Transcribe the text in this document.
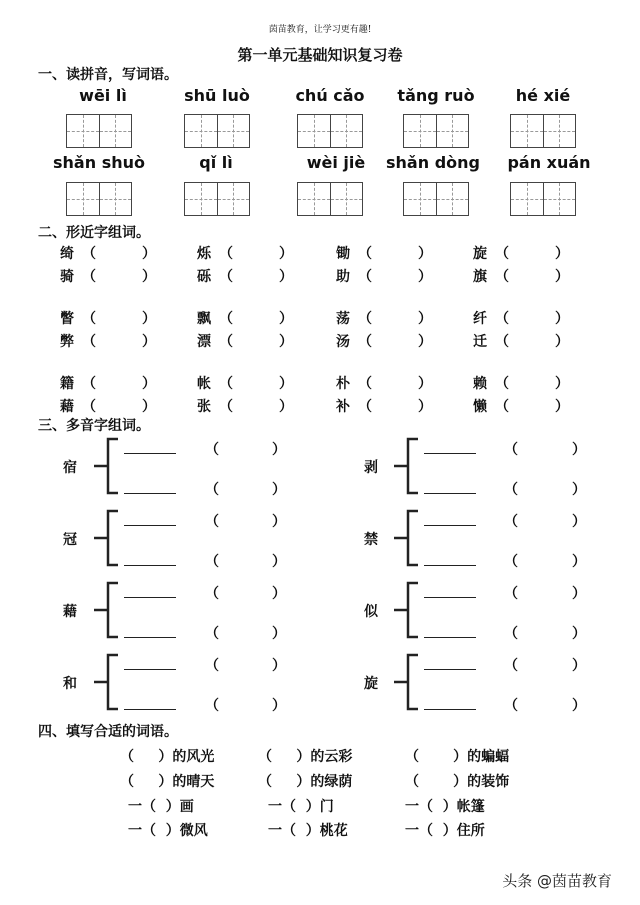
茵苗教育，让学习更有趣!
第一单元基础知识复习卷
一、读拼音，写词语。
wēi lì	shū luò	chú cǎo	tǎng ruò	hé xié
shǎn shuò	qǐ lì	wèi jiè	shǎn dòng	pán xuán
二、形近字组词。
绮 （	）	烁 （	）	锄 （	）	旋 （	）
骑 （	）	砾 （	）	助 （	）	旗 （	）
瞥 （	）	飘 （	）	荡 （	）	纤 （	）
弊 （	）	漂 （	）	汤 （	）	迁 （	）
籍 （	）	帐 （	）	朴 （	）	赖 （	）
藉 （	）	张 （	）	补 （	）	懒 （	）
三、多音字组词。
宿
（	）
（	）
冠
（	）
（	）
藉
（	）
（	）
和
（	）
（	）
剥
（	）
（	）
禁
（	）
（	）
似
（	）
（	）
旋
（	）
（	）
四、填写合适的词语。
（     ）的风光	（     ）的云彩	（       ）的蝙蝠
（     ）的晴天	（     ）的绿荫	（       ）的装饰
一（  ）画	一（  ）门	一（  ）帐篷
一（  ）微风	一（  ）桃花	一（  ）住所
头条 @茵苗教育
